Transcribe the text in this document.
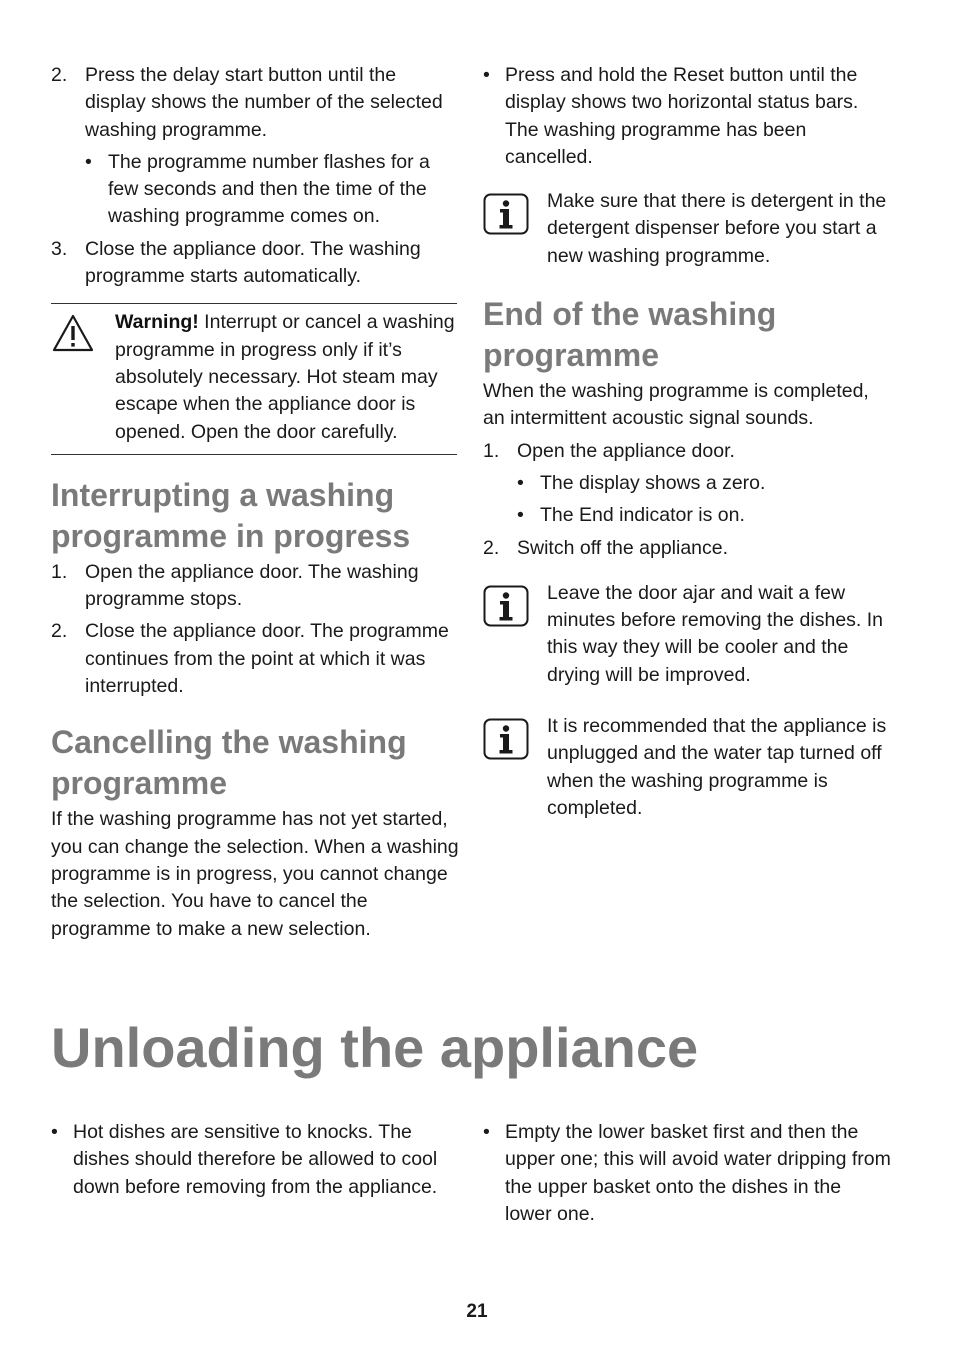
2. Press the delay start button until the display shows the number of the selected washing programme.
• The programme number flashes for a few seconds and then the time of the washing programme comes on.
3. Close the appliance door. The washing programme starts automatically.
Warning! Interrupt or cancel a washing programme in progress only if it’s absolutely necessary. Hot steam may escape when the appliance door is opened. Open the door carefully.
Interrupting a washing programme in progress
1. Open the appliance door. The washing programme stops.
2. Close the appliance door. The programme continues from the point at which it was interrupted.
Cancelling the washing programme
If the washing programme has not yet started, you can change the selection. When a washing programme is in progress, you cannot change the selection. You have to cancel the programme to make a new selection.
• Press and hold the Reset button until the display shows two horizontal status bars. The washing programme has been cancelled.
Make sure that there is detergent in the detergent dispenser before you start a new washing programme.
End of the washing programme
When the washing programme is completed, an intermittent acoustic signal sounds.
1. Open the appliance door.
• The display shows a zero.
• The End indicator is on.
2. Switch off the appliance.
Leave the door ajar and wait a few minutes before removing the dishes. In this way they will be cooler and the drying will be improved.
It is recommended that the appliance is unplugged and the water tap turned off when the washing programme is completed.
Unloading the appliance
• Hot dishes are sensitive to knocks. The dishes should therefore be allowed to cool down before removing from the appliance.
• Empty the lower basket first and then the upper one; this will avoid water dripping from the upper basket onto the dishes in the lower one.
21
